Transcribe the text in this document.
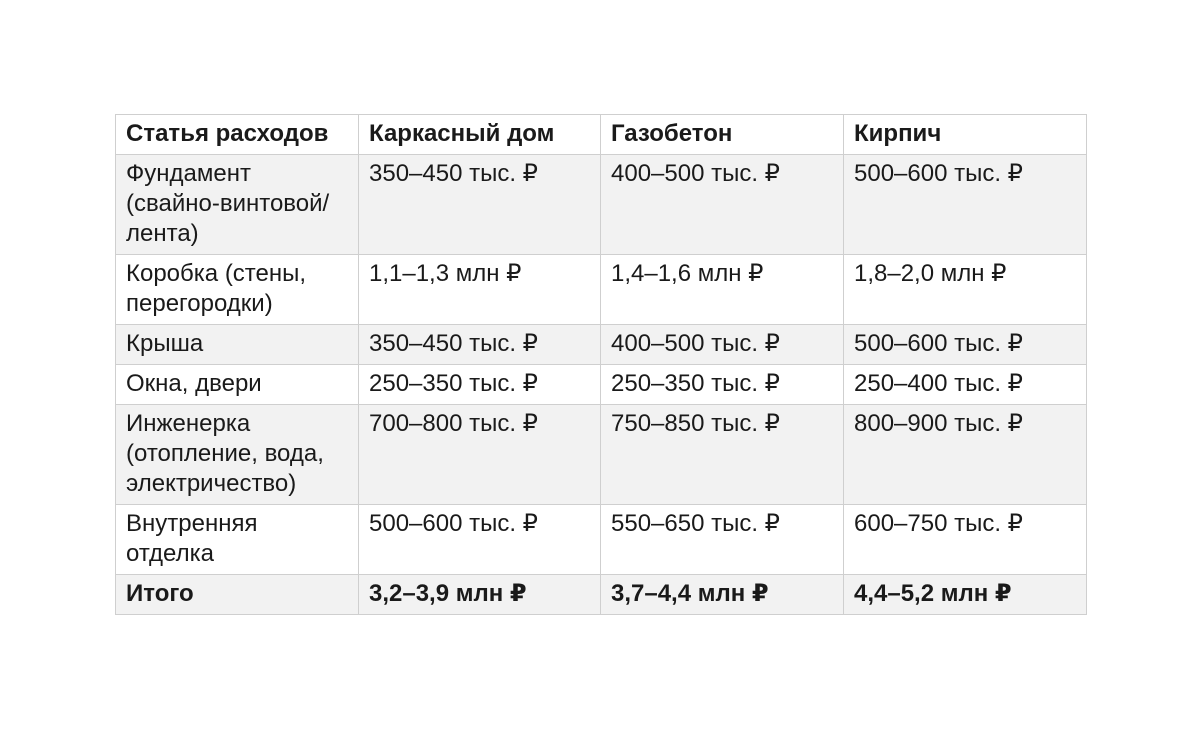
Статья расходов	Каркасный дом	Газобетон	Кирпич
Фундамент (свайно-винтовой/лента)	350–450 тыс. ₽	400–500 тыс. ₽	500–600 тыс. ₽
Коробка (стены, перегородки)	1,1–1,3 млн ₽	1,4–1,6 млн ₽	1,8–2,0 млн ₽
Крыша	350–450 тыс. ₽	400–500 тыс. ₽	500–600 тыс. ₽
Окна, двери	250–350 тыс. ₽	250–350 тыс. ₽	250–400 тыс. ₽
Инженерка (отопление, вода, электричество)	700–800 тыс. ₽	750–850 тыс. ₽	800–900 тыс. ₽
Внутренняя отделка	500–600 тыс. ₽	550–650 тыс. ₽	600–750 тыс. ₽
Итого	3,2–3,9 млн ₽	3,7–4,4 млн ₽	4,4–5,2 млн ₽
